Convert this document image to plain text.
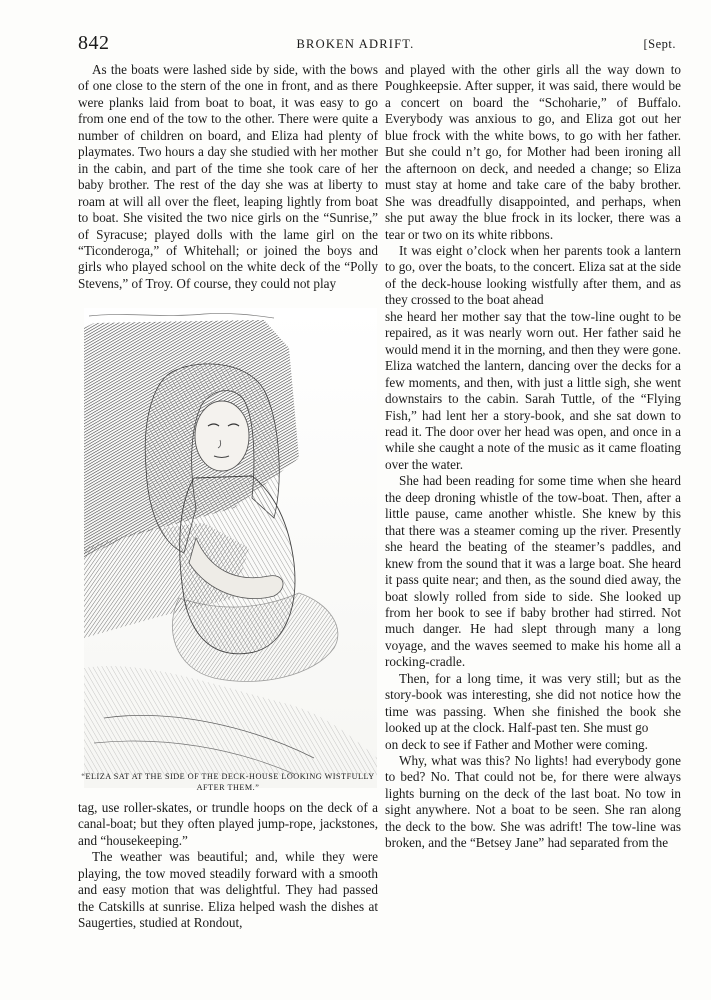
842	BROKEN ADRIFT.	[Sept.

As the boats were lashed side by side, with the bows of one close to the stern of the one in front, and as there were planks laid from boat to boat, it was easy to go from one end of the tow to the other. There were quite a number of children on board, and Eliza had plenty of playmates. Two hours a day she studied with her mother in the cabin, and part of the time she took care of her baby brother. The rest of the day she was at liberty to roam at will all over the fleet, leaping lightly from boat to boat. She visited the two nice girls on the “Sunrise,” of Syracuse; played dolls with the lame girl on the “Ticonderoga,” of Whitehall; or joined the boys and girls who played school on the white deck of the “Polly Stevens,” of Troy. Of course, they could not play

“ELIZA SAT AT THE SIDE OF THE DECK-HOUSE LOOKING WISTFULLY AFTER THEM.”

tag, use roller-skates, or trundle hoops on the deck of a canal-boat; but they often played jump-rope, jackstones, and “housekeeping.”

The weather was beautiful; and, while they were playing, the tow moved steadily forward with a smooth and easy motion that was delightful. They had passed the Catskills at sunrise. Eliza helped wash the dishes at Saugerties, studied at Rondout,

and played with the other girls all the way down to Poughkeepsie. After supper, it was said, there would be a concert on board the “Schoharie,” of Buffalo. Everybody was anxious to go, and Eliza got out her blue frock with the white bows, to go with her father. But she could n’t go, for Mother had been ironing all the afternoon on deck, and needed a change; so Eliza must stay at home and take care of the baby brother. She was dreadfully disappointed, and perhaps, when she put away the blue frock in its locker, there was a tear or two on its white ribbons.

It was eight o’clock when her parents took a lantern to go, over the boats, to the concert. Eliza sat at the side of the deck-house looking wistfully after them, and as they crossed to the boat ahead

she heard her mother say that the tow-line ought to be repaired, as it was nearly worn out. Her father said he would mend it in the morning, and then they were gone. Eliza watched the lantern, dancing over the decks for a few moments, and then, with just a little sigh, she went downstairs to the cabin. Sarah Tuttle, of the “Flying Fish,” had lent her a story-book, and she sat down to read it. The door over her head was open, and once in a while she caught a note of the music as it came floating over the water.

She had been reading for some time when she heard the deep droning whistle of the tow-boat. Then, after a little pause, came another whistle. She knew by this that there was a steamer coming up the river. Presently she heard the beating of the steamer’s paddles, and knew from the sound that it was a large boat. She heard it pass quite near; and then, as the sound died away, the boat slowly rolled from side to side. She looked up from her book to see if baby brother had stirred. Not much danger. He had slept through many a long voyage, and the waves seemed to make his home all a rocking-cradle.

Then, for a long time, it was very still; but as the story-book was interesting, she did not notice how the time was passing. When she finished the book she looked up at the clock. Half-past ten. She must go

on deck to see if Father and Mother were coming.

Why, what was this? No lights! had everybody gone to bed? No. That could not be, for there were always lights burning on the deck of the last boat. No tow in sight anywhere. Not a boat to be seen. She ran along the deck to the bow. She was adrift! The tow-line was broken, and the “Betsey Jane” had separated from the
